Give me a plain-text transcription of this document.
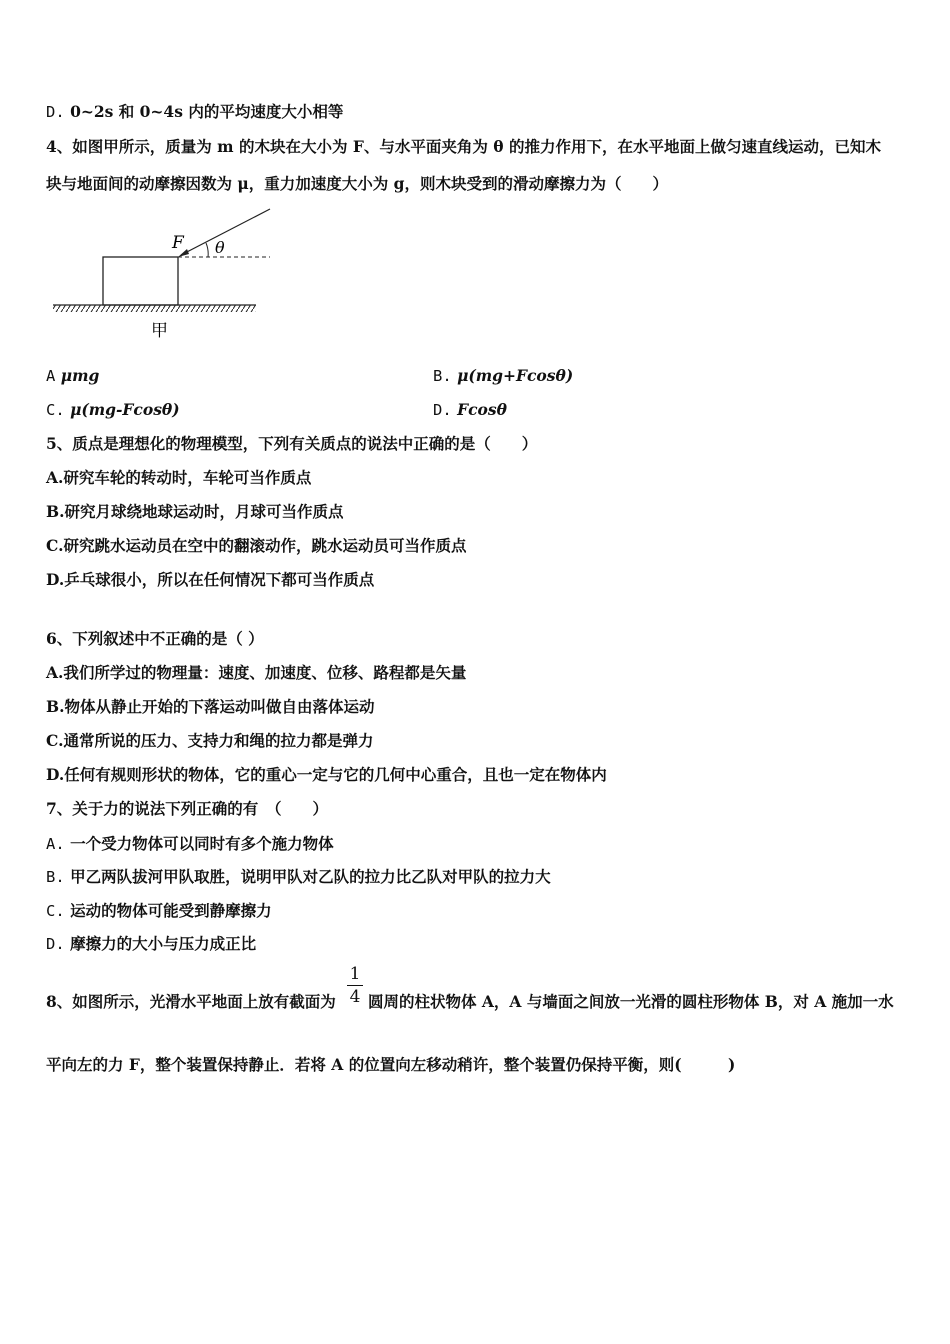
D. 0~2s 和 0~4s 内的平均速度大小相等
4、如图甲所示，质量为 m 的木块在大小为 F、与水平面夹角为 θ 的推力作用下，在水平地面上做匀速直线运动，已知木
块与地面间的动摩擦因数为 μ，重力加速度大小为 g，则木块受到的滑动摩擦力为（　　）
F θ
甲
A μmg	B. μ(mg+Fcosθ)
C. μ(mg-Fcosθ)	D. Fcosθ
5、质点是理想化的物理模型，下列有关质点的说法中正确的是（　　）
A.研究车轮的转动时，车轮可当作质点
B.研究月球绕地球运动时，月球可当作质点
C.研究跳水运动员在空中的翻滚动作，跳水运动员可当作质点
D.乒乓球很小，所以在任何情况下都可当作质点
6、下列叙述中不正确的是（ ）
A.我们所学过的物理量：速度、加速度、位移、路程都是矢量
B.物体从静止开始的下落运动叫做自由落体运动
C.通常所说的压力、支持力和绳的拉力都是弹力
D.任何有规则形状的物体，它的重心一定与它的几何中心重合，且也一定在物体内
7、关于力的说法下列正确的有　（　　）
A. 一个受力物体可以同时有多个施力物体
B. 甲乙两队拔河甲队取胜，说明甲队对乙队的拉力比乙队对甲队的拉力大
C. 运动的物体可能受到静摩擦力
D. 摩擦力的大小与压力成正比
8、如图所示，光滑水平地面上放有截面为
1
4 圆周的柱状物体 A，A 与墙面之间放一光滑的圆柱形物体 B，对 A 施加一水
平向左的力 F，整个装置保持静止．若将 A 的位置向左移动稍许，整个装置仍保持平衡，则(　　　)
